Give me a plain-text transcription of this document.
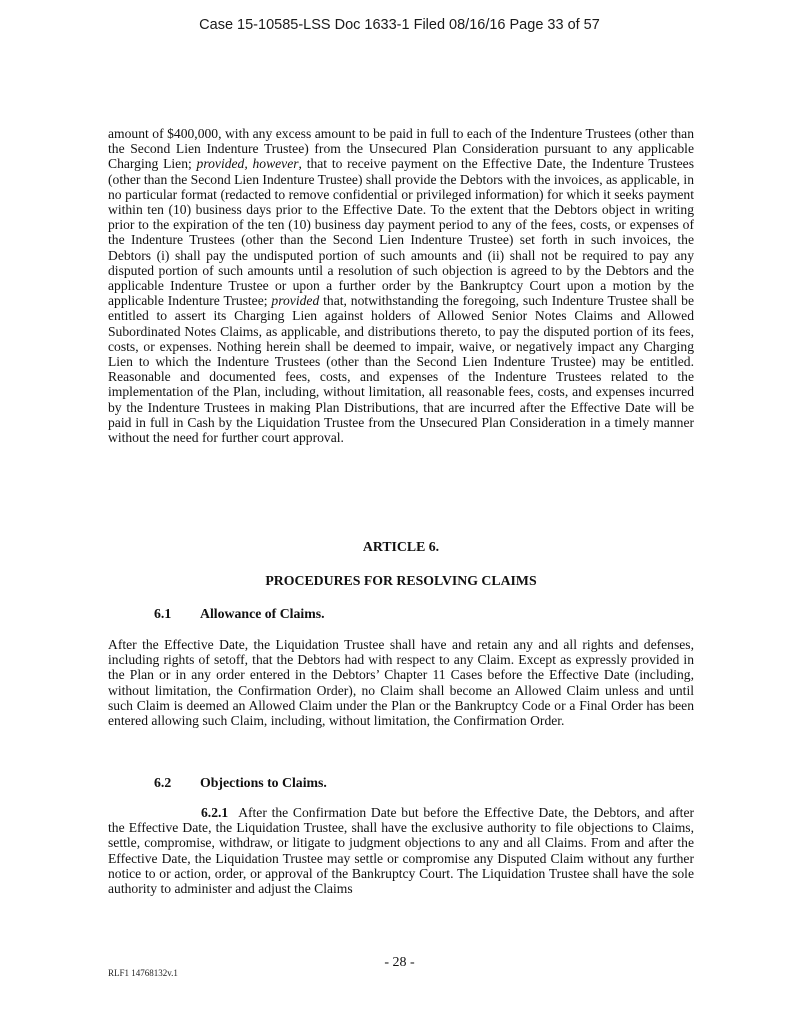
Case 15-10585-LSS Doc 1633-1 Filed 08/16/16 Page 33 of 57

amount of $400,000, with any excess amount to be paid in full to each of the Indenture Trustees (other than the Second Lien Indenture Trustee) from the Unsecured Plan Consideration pursuant to any applicable Charging Lien; provided, however, that to receive payment on the Effective Date, the Indenture Trustees (other than the Second Lien Indenture Trustee) shall provide the Debtors with the invoices, as applicable, in no particular format (redacted to remove confidential or privileged information) for which it seeks payment within ten (10) business days prior to the Effective Date. To the extent that the Debtors object in writing prior to the expiration of the ten (10) business day payment period to any of the fees, costs, or expenses of the Indenture Trustees (other than the Second Lien Indenture Trustee) set forth in such invoices, the Debtors (i) shall pay the undisputed portion of such amounts and (ii) shall not be required to pay any disputed portion of such amounts until a resolution of such objection is agreed to by the Debtors and the applicable Indenture Trustee or upon a further order by the Bankruptcy Court upon a motion by the applicable Indenture Trustee; provided that, notwithstanding the foregoing, such Indenture Trustee shall be entitled to assert its Charging Lien against holders of Allowed Senior Notes Claims and Allowed Subordinated Notes Claims, as applicable, and distributions thereto, to pay the disputed portion of its fees, costs, or expenses. Nothing herein shall be deemed to impair, waive, or negatively impact any Charging Lien to which the Indenture Trustees (other than the Second Lien Indenture Trustee) may be entitled. Reasonable and documented fees, costs, and expenses of the Indenture Trustees related to the implementation of the Plan, including, without limitation, all reasonable fees, costs, and expenses incurred by the Indenture Trustees in making Plan Distributions, that are incurred after the Effective Date will be paid in full in Cash by the Liquidation Trustee from the Unsecured Plan Consideration in a timely manner without the need for further court approval.

ARTICLE 6.
PROCEDURES FOR RESOLVING CLAIMS
6.1 Allowance of Claims.

After the Effective Date, the Liquidation Trustee shall have and retain any and all rights and defenses, including rights of setoff, that the Debtors had with respect to any Claim. Except as expressly provided in the Plan or in any order entered in the Debtors’ Chapter 11 Cases before the Effective Date (including, without limitation, the Confirmation Order), no Claim shall become an Allowed Claim unless and until such Claim is deemed an Allowed Claim under the Plan or the Bankruptcy Code or a Final Order has been entered allowing such Claim, including, without limitation, the Confirmation Order.

6.2 Objections to Claims.

6.2.1 After the Confirmation Date but before the Effective Date, the Debtors, and after the Effective Date, the Liquidation Trustee, shall have the exclusive authority to file objections to Claims, settle, compromise, withdraw, or litigate to judgment objections to any and all Claims. From and after the Effective Date, the Liquidation Trustee may settle or compromise any Disputed Claim without any further notice to or action, order, or approval of the Bankruptcy Court. The Liquidation Trustee shall have the sole authority to administer and adjust the Claims

- 28 -
RLF1 14768132v.1
